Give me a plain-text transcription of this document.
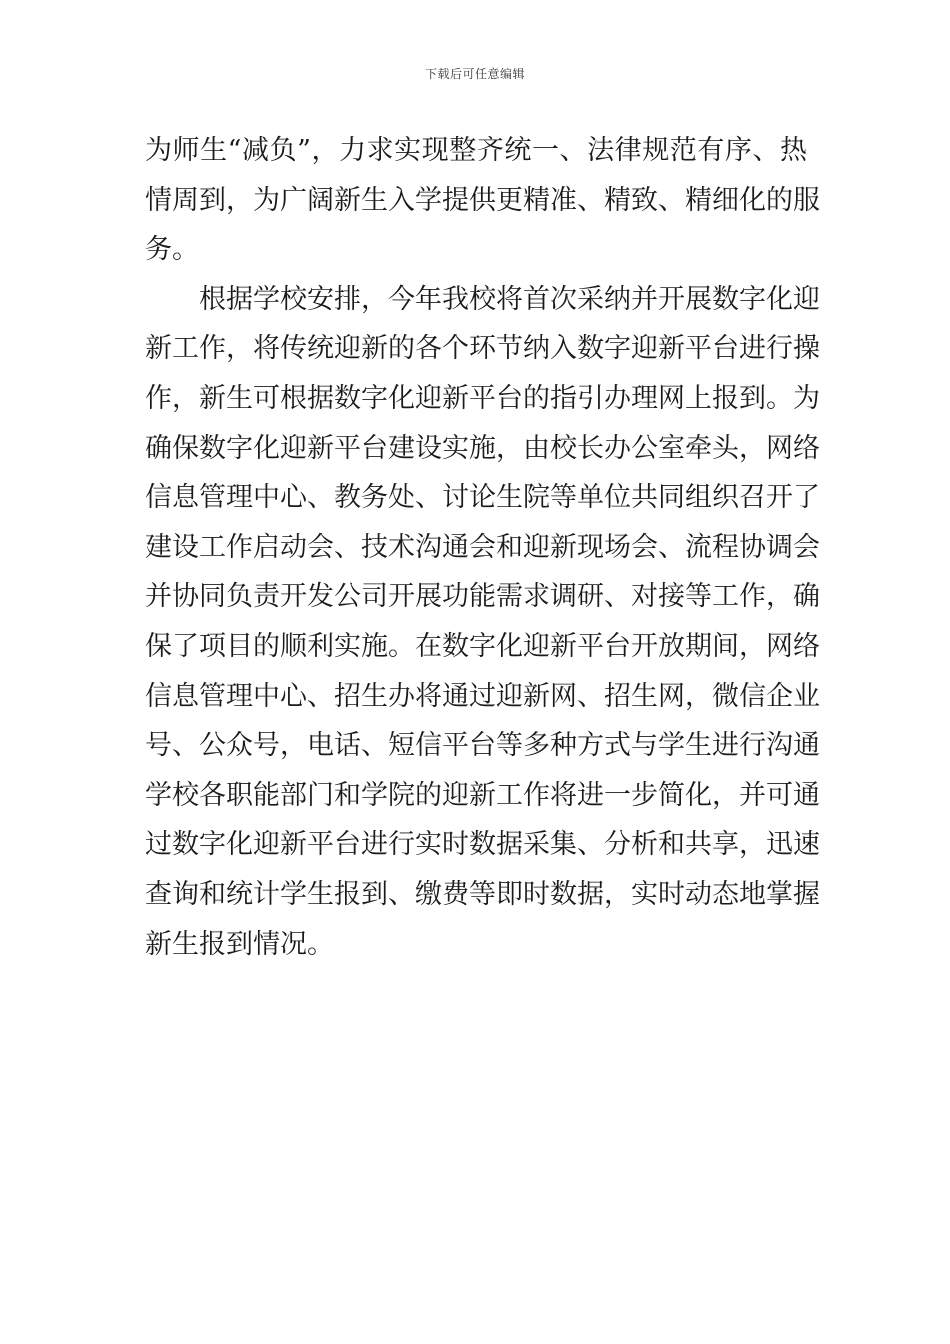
下载后可任意编辑
为师生“减负”，力求实现整齐统一、法律规范有序、热
情周到，为广阔新生入学提供更精准、精致、精细化的服
务。
根据学校安排，今年我校将首次采纳并开展数字化迎
新工作，将传统迎新的各个环节纳入数字迎新平台进行操
作，新生可根据数字化迎新平台的指引办理网上报到。为
确保数字化迎新平台建设实施，由校长办公室牵头，网络
信息管理中心、教务处、讨论生院等单位共同组织召开了
建设工作启动会、技术沟通会和迎新现场会、流程协调会
并协同负责开发公司开展功能需求调研、对接等工作，确
保了项目的顺利实施。在数字化迎新平台开放期间，网络
信息管理中心、招生办将通过迎新网、招生网，微信企业
号、公众号，电话、短信平台等多种方式与学生进行沟通
学校各职能部门和学院的迎新工作将进一步简化，并可通
过数字化迎新平台进行实时数据采集、分析和共享，迅速
查询和统计学生报到、缴费等即时数据，实时动态地掌握
新生报到情况。
